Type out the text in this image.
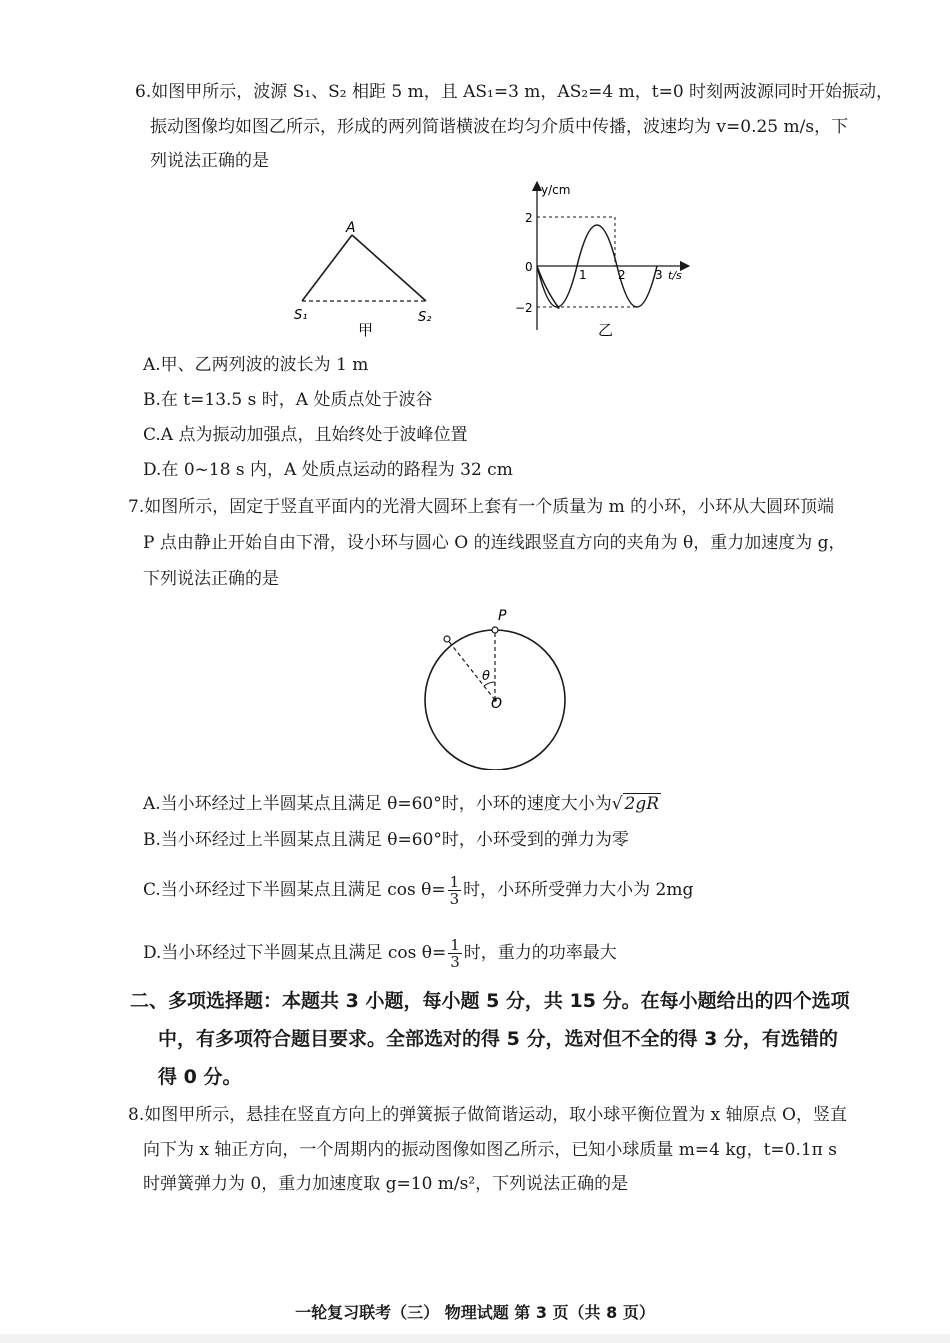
6.如图甲所示，波源 S₁、S₂ 相距 5 m，且 AS₁=3 m，AS₂=4 m，t=0 时刻两波源同时开始振动，
振动图像均如图乙所示，形成的两列简谐横波在均匀介质中传播，波速均为 v=0.25 m/s，下
列说法正确的是
A
S₁	S₂
甲
y/cm
2
0
−2
1	2 3 t/s
乙
A.甲、乙两列波的波长为 1 m
B.在 t=13.5 s 时，A 处质点处于波谷
C.A 点为振动加强点，且始终处于波峰位置
D.在 0~18 s 内，A 处质点运动的路程为 32 cm
7.如图所示，固定于竖直平面内的光滑大圆环上套有一个质量为 m 的小环，小环从大圆环顶端
P 点由静止开始自由下滑，设小环与圆心 O 的连线跟竖直方向的夹角为 θ，重力加速度为 g，
下列说法正确的是
P
O
θ
A.当小环经过上半圆某点且满足 θ=60°时，小环的速度大小为√ 2gR
B.当小环经过上半圆某点且满足 θ=60°时，小环受到的弹力为零
C.当小环经过下半圆某点且满足 $\cos \theta= \frac{1}{3}$ 时，小环所受弹力大小为 2mg
D.当小环经过下半圆某点且满足 $\cos \theta= \frac{1}{3}$ 时，重力的功率最大
二、多项选择题：本题共 3 小题，每小题 5 分，共 15 分。在每小题给出的四个选项
中，有多项符合题目要求。全部选对的得 5 分，选对但不全的得 3 分，有选错的
得 0 分。
8.如图甲所示，悬挂在竖直方向上的弹簧振子做简谐运动，取小球平衡位置为 x 轴原点 O，竖直
向下为 x 轴正方向，一个周期内的振动图像如图乙所示，已知小球质量 m=4 kg，t=0.1π s
时弹簧弹力为 0，重力加速度取 g=10 m/s²，下列说法正确的是
一轮复习联考（三） 物理试题 第 3 页（共 8 页）
